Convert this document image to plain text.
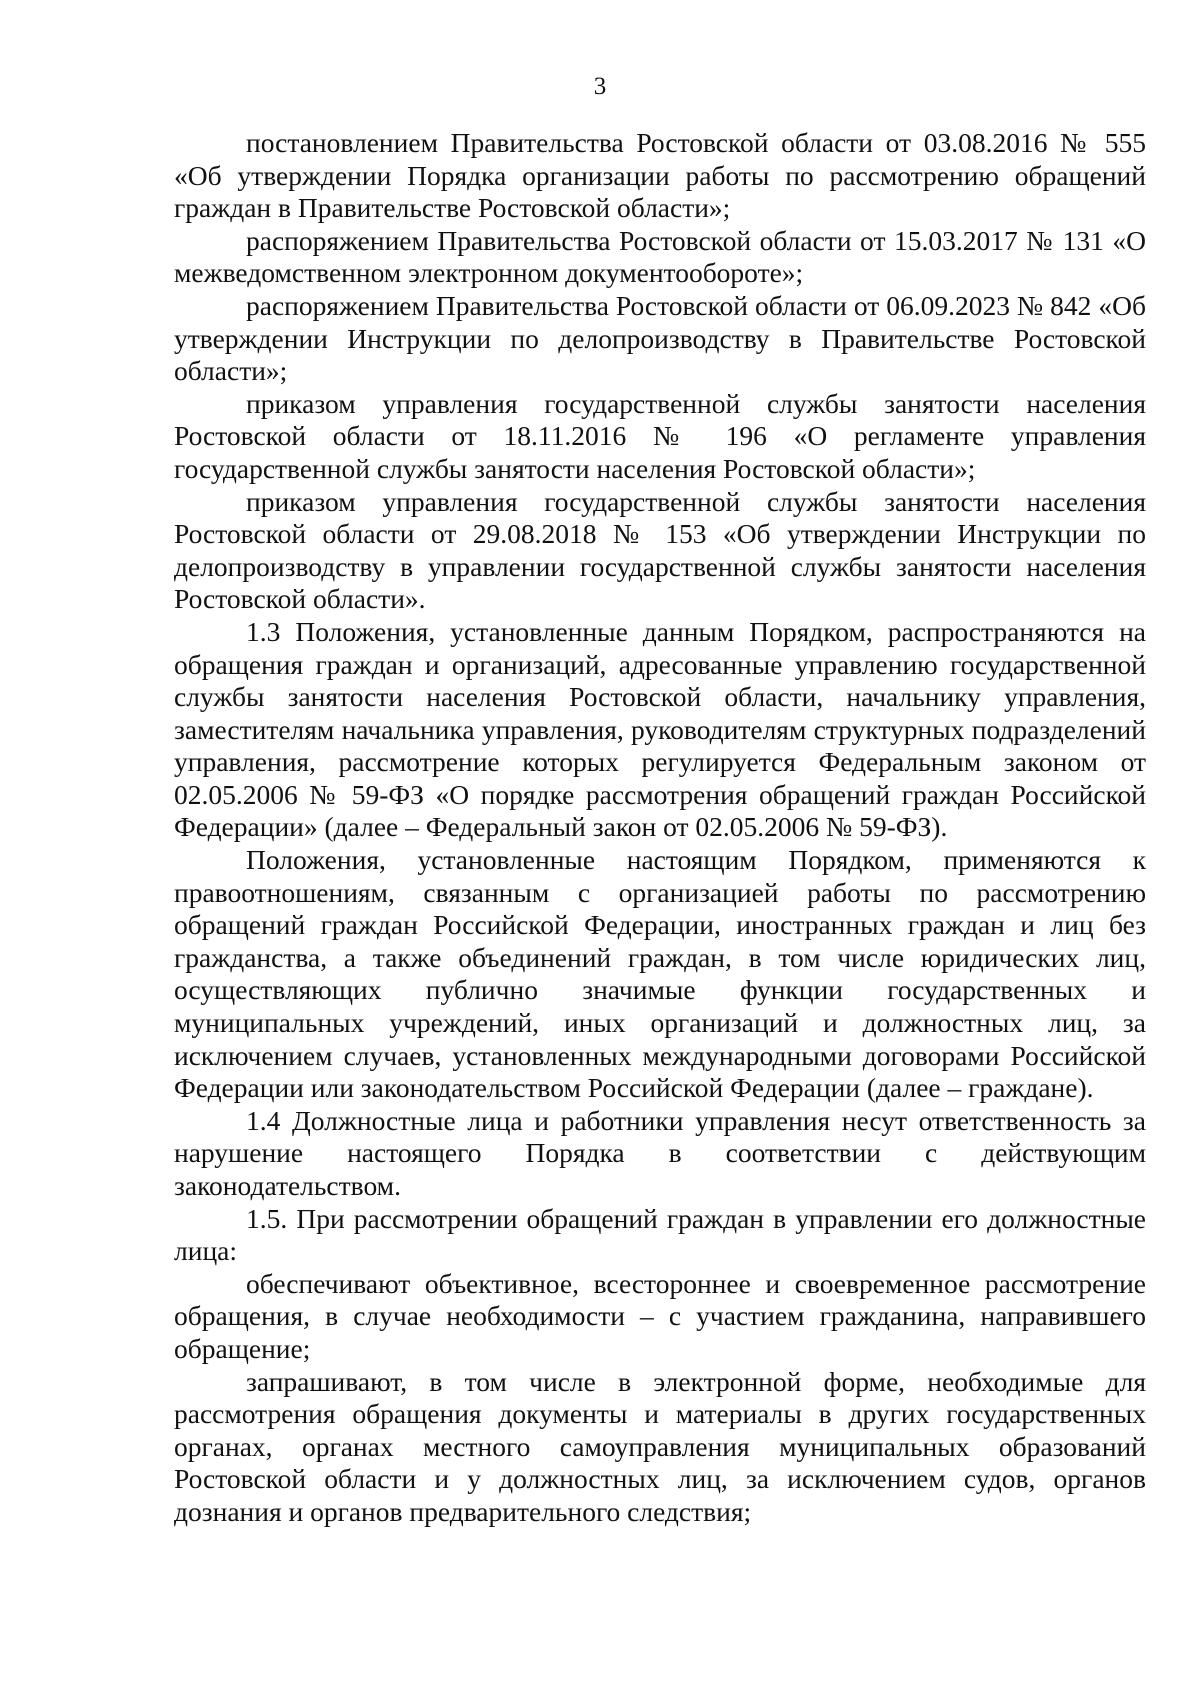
3

постановлением Правительства Ростовской области от 03.08.2016 № 555 «Об утверждении Порядка организации работы по рассмотрению обращений граждан в Правительстве Ростовской области»;

распоряжением Правительства Ростовской области от 15.03.2017 № 131 «О межведомственном электронном документообороте»;

распоряжением Правительства Ростовской области от 06.09.2023 № 842 «Об утверждении Инструкции по делопроизводству в Правительстве Ростовской области»;

приказом управления государственной службы занятости населения Ростовской области от 18.11.2016 № 196 «О регламенте управления государственной службы занятости населения Ростовской области»;

приказом управления государственной службы занятости населения Ростовской области от 29.08.2018 № 153 «Об утверждении Инструкции по делопроизводству в управлении государственной службы занятости населения Ростовской области».

1.3 Положения, установленные данным Порядком, распространяются на обращения граждан и организаций, адресованные управлению государственной службы занятости населения Ростовской области, начальнику управления, заместителям начальника управления, руководителям структурных подразделений управления, рассмотрение которых регулируется Федеральным законом от 02.05.2006 № 59-ФЗ «О порядке рассмотрения обращений граждан Российской Федерации» (далее – Федеральный закон от 02.05.2006 № 59-ФЗ).

Положения, установленные настоящим Порядком, применяются к правоотношениям, связанным с организацией работы по рассмотрению обращений граждан Российской Федерации, иностранных граждан и лиц без гражданства, а также объединений граждан, в том числе юридических лиц, осуществляющих публично значимые функции государственных и муниципальных учреждений, иных организаций и должностных лиц, за исключением случаев, установленных международными договорами Российской Федерации или законодательством Российской Федерации (далее – граждане).

1.4 Должностные лица и работники управления несут ответственность за нарушение настоящего Порядка в соответствии с действующим законодательством.

1.5. При рассмотрении обращений граждан в управлении его должностные лица:

обеспечивают объективное, всестороннее и своевременное рассмотрение обращения, в случае необходимости – с участием гражданина, направившего обращение;

запрашивают, в том числе в электронной форме, необходимые для рассмотрения обращения документы и материалы в других государственных органах, органах местного самоуправления муниципальных образований Ростовской области и у должностных лиц, за исключением судов, органов дознания и органов предварительного следствия;
